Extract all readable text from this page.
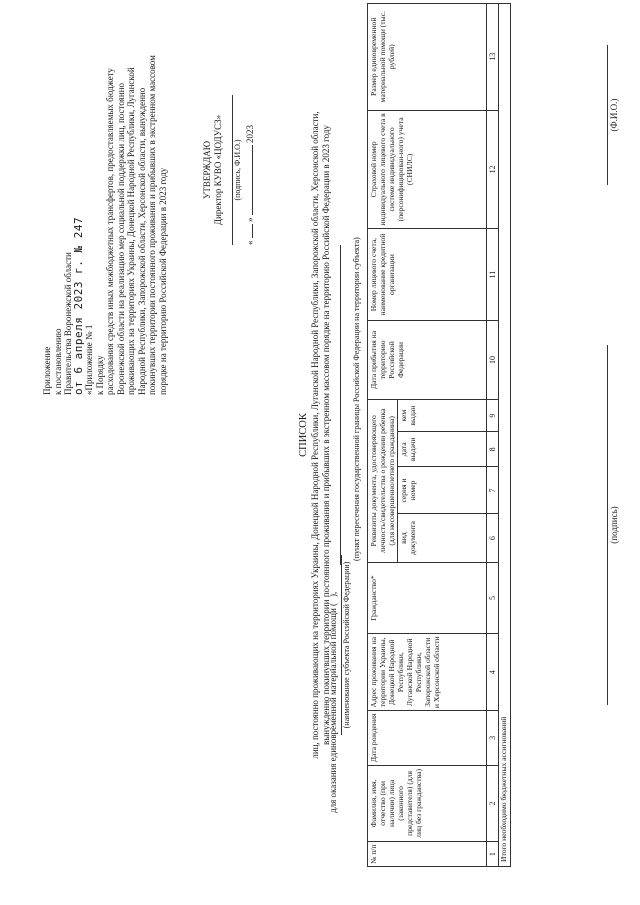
Приложение к постановлению Правительства Воронежской области
от 6 апреля 2023 г. № 247 «Приложение № 1 к Порядку расходования средств иных межбюджетных трансфертов, предоставляемых бюджету Воронежской области на реализацию мер социальной поддержки лиц, постоянно проживающих на территориях Украины, Донецкой Народной Республики, Луганской Народной Республики, Запорожской области, Херсонской области, вынужденно покинувших территории постоянного проживания и прибывших в экстренном массовом порядке на территорию Российской Федерации в 2023 году	УТВЕРЖДАЮ Директор КУВО «ЦОДУСЗ» (подпись, Ф.И.О.)
«  »  2023
СПИСОК лиц, постоянно проживающих на территориях Украины, Донецкой Народной Республики, Луганской Народной Республики, Запорожской области, Херсонской области, вынужденно покинувших территории постоянного проживания и прибывших в экстренном массовом порядке на территорию Российской Федерации в 2023 году
для оказания единовременной материальной помощи (
), (наименование субъекта Российской Федерации)
(пункт пересечения государственной границы Российской Федерации на территории субъекта)
№ п/п	Фамилия, имя, отчество (при наличии) лица (законного представителя) (для лиц без гражданства)	Дата рождения	Адрес проживания на территории Украины, Донецкой Народной Республики, Луганской Народной Республики, Запорожской области и Херсонской области	Гражданство*	Реквизиты документа, удостоверяющего личность/свидетельства о рождении ребенка (для несовершеннолетнего гражданина)				Дата прибытия на территорию Российской Федерации	Номер лицевого счета, наименование кредитной организации	Страховой номер индивидуального лицевого счета в системе индивидуального (персонифицирован-ного) учета (СНИЛС)	Размер единовременной материальной помощи (тыс. рублей)
					вид документа	серия и номер	дата выдачи	кем выдан				
1	2	3	4	5	6	7	8	9	10	11	12	13
Итого необходимо бюджетных ассигнований												
(подпись)
(Ф.И.О.)
